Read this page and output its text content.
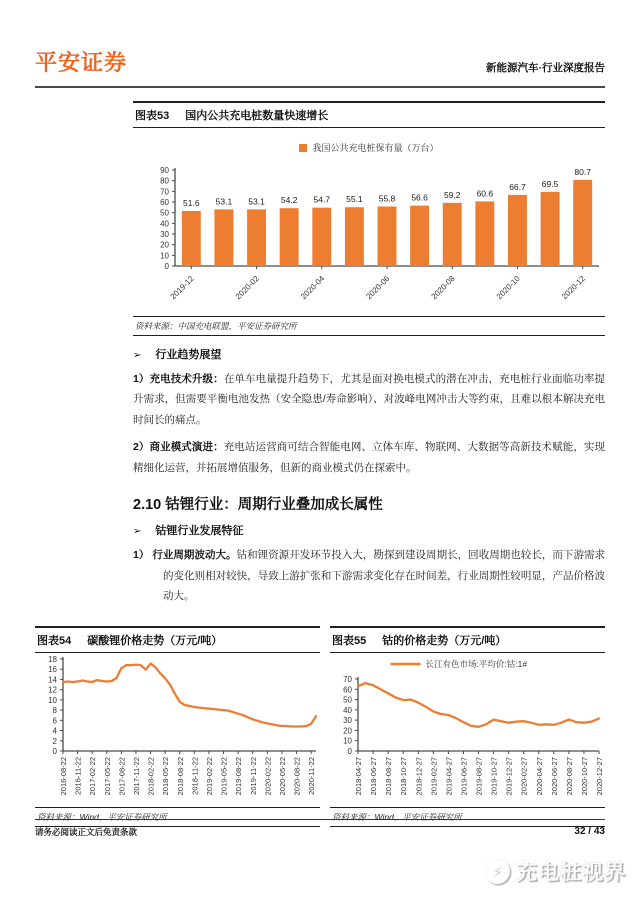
平安证券	新能源汽车·行业深度报告
图表53 国内公共充电桩数量快速增长
我国公共充电桩保有量（万台）
0
10
20
30
40
50
60
70
80
90
51.6 53.1 53.1 54.2 54.7 55.1 55.8 56.6 59.2 60.6
66.7 69.5
80.7
2019-12	2020-02	2020-04	2020-06	2020-08	2020-10	2020-12
资料来源：中国充电联盟，平安证券研究所
➢ 行业趋势展望

1）充电技术升级：在单车电量提升趋势下，尤其是面对换电模式的潜在冲击，充电桩行业面临功率提升需求，但需要平衡电池发热（安全隐患/寿命影响）、对波峰电网冲击大等约束，且难以根本解决充电时间长的痛点。

2）商业模式演进：充电站运营商可结合智能电网、立体车库、物联网、大数据等高新技术赋能，实现精细化运营，并拓展增值服务，但新的商业模式仍在探索中。

2.10 钴锂行业：周期行业叠加成长属性
➢ 钴锂行业发展特征

1） 行业周期波动大。钴和锂资源开发环节投入大，勘探到建设周期长，回收周期也较长，而下游需求的变化则相对较快，导致上游扩张和下游需求变化存在时间差，行业周期性较明显，产品价格波动大。

图表54 碳酸锂价格走势（万元/吨）
0
2
4
6
8
10
12
14
16
18
2016-08-22 2016-11-22 2017-02-22 2017-05-22 2017-08-22 2017-11-22 2018-02-22 2018-05-22 2018-08-22 2018-11-22 2019-02-22 2019-05-22 2019-08-22 2019-11-22 2020-02-22 2020-05-22 2020-08-22 2020-11-22
资料来源：Wind，平安证券研究所
图表55 钴的价格走势（万元/吨）
0
10
20
30
40
50
60
70
2018-04-27 2018-06-27 2018-08-27 2018-10-27 2018-12-27 2019-02-27 2019-04-27 2019-06-27 2019-08-27 2019-10-27 2019-12-27 2020-02-27 2020-04-27 2020-06-27 2020-08-27 2020-10-27 2020-12-27
长江有色市场:平均价:钴:1#
资料来源：Wind，平安证券研究所
请务必阅读正文后免责条款	32 / 43
⚡ 充电桩视界
